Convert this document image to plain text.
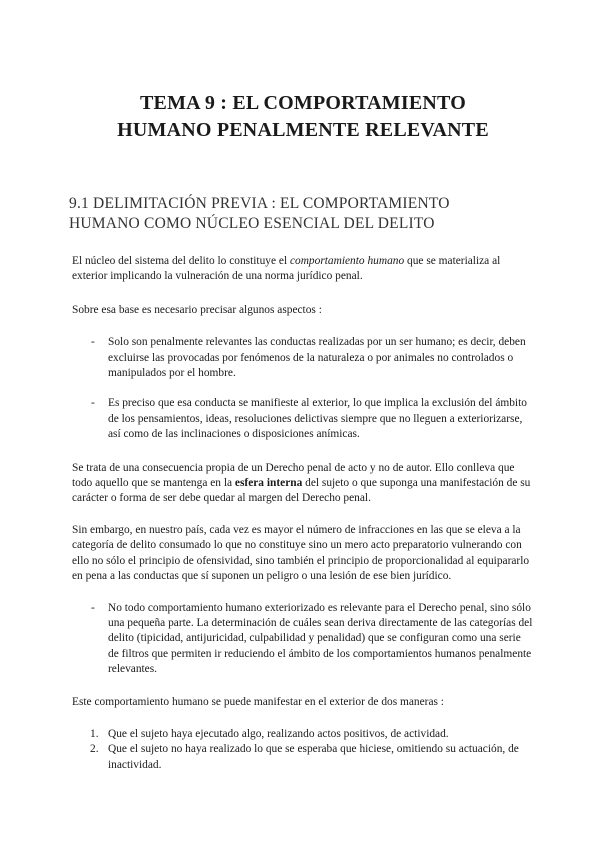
TEMA 9 : EL COMPORTAMIENTO
HUMANO PENALMENTE RELEVANTE
9.1 DELIMITACIÓN PREVIA : EL COMPORTAMIENTO
HUMANO COMO NÚCLEO ESENCIAL DEL DELITO

El núcleo del sistema del delito lo constituye el comportamiento humano que se materializa al exterior implicando la vulneración de una norma jurídico penal.

Sobre esa base es necesario precisar algunos aspectos :

- Solo son penalmente relevantes las conductas realizadas por un ser humano; es decir, deben excluirse las provocadas por fenómenos de la naturaleza o por animales no controlados o manipulados por el hombre.
- Es preciso que esa conducta se manifieste al exterior, lo que implica la exclusión del ámbito de los pensamientos, ideas, resoluciones delictivas siempre que no lleguen a exteriorizarse, así como de las inclinaciones o disposiciones anímicas.

Se trata de una consecuencia propia de un Derecho penal de acto y no de autor. Ello conlleva que todo aquello que se mantenga en la esfera interna del sujeto o que suponga una manifestación de su carácter o forma de ser debe quedar al margen del Derecho penal.

Sin embargo, en nuestro país, cada vez es mayor el número de infracciones en las que se eleva a la categoría de delito consumado lo que no constituye sino un mero acto preparatorio vulnerando con ello no sólo el principio de ofensividad, sino también el principio de proporcionalidad al equipararlo en pena a las conductas que sí suponen un peligro o una lesión de ese bien jurídico.

- No todo comportamiento humano exteriorizado es relevante para el Derecho penal, sino sólo una pequeña parte. La determinación de cuáles sean deriva directamente de las categorías del delito (tipicidad, antijuricidad, culpabilidad y penalidad) que se configuran como una serie de filtros que permiten ir reduciendo el ámbito de los comportamientos humanos penalmente relevantes.

Este comportamiento humano se puede manifestar en el exterior de dos maneras :

1. Que el sujeto haya ejecutado algo, realizando actos positivos, de actividad.
2. Que el sujeto no haya realizado lo que se esperaba que hiciese, omitiendo su actuación, de inactividad.
